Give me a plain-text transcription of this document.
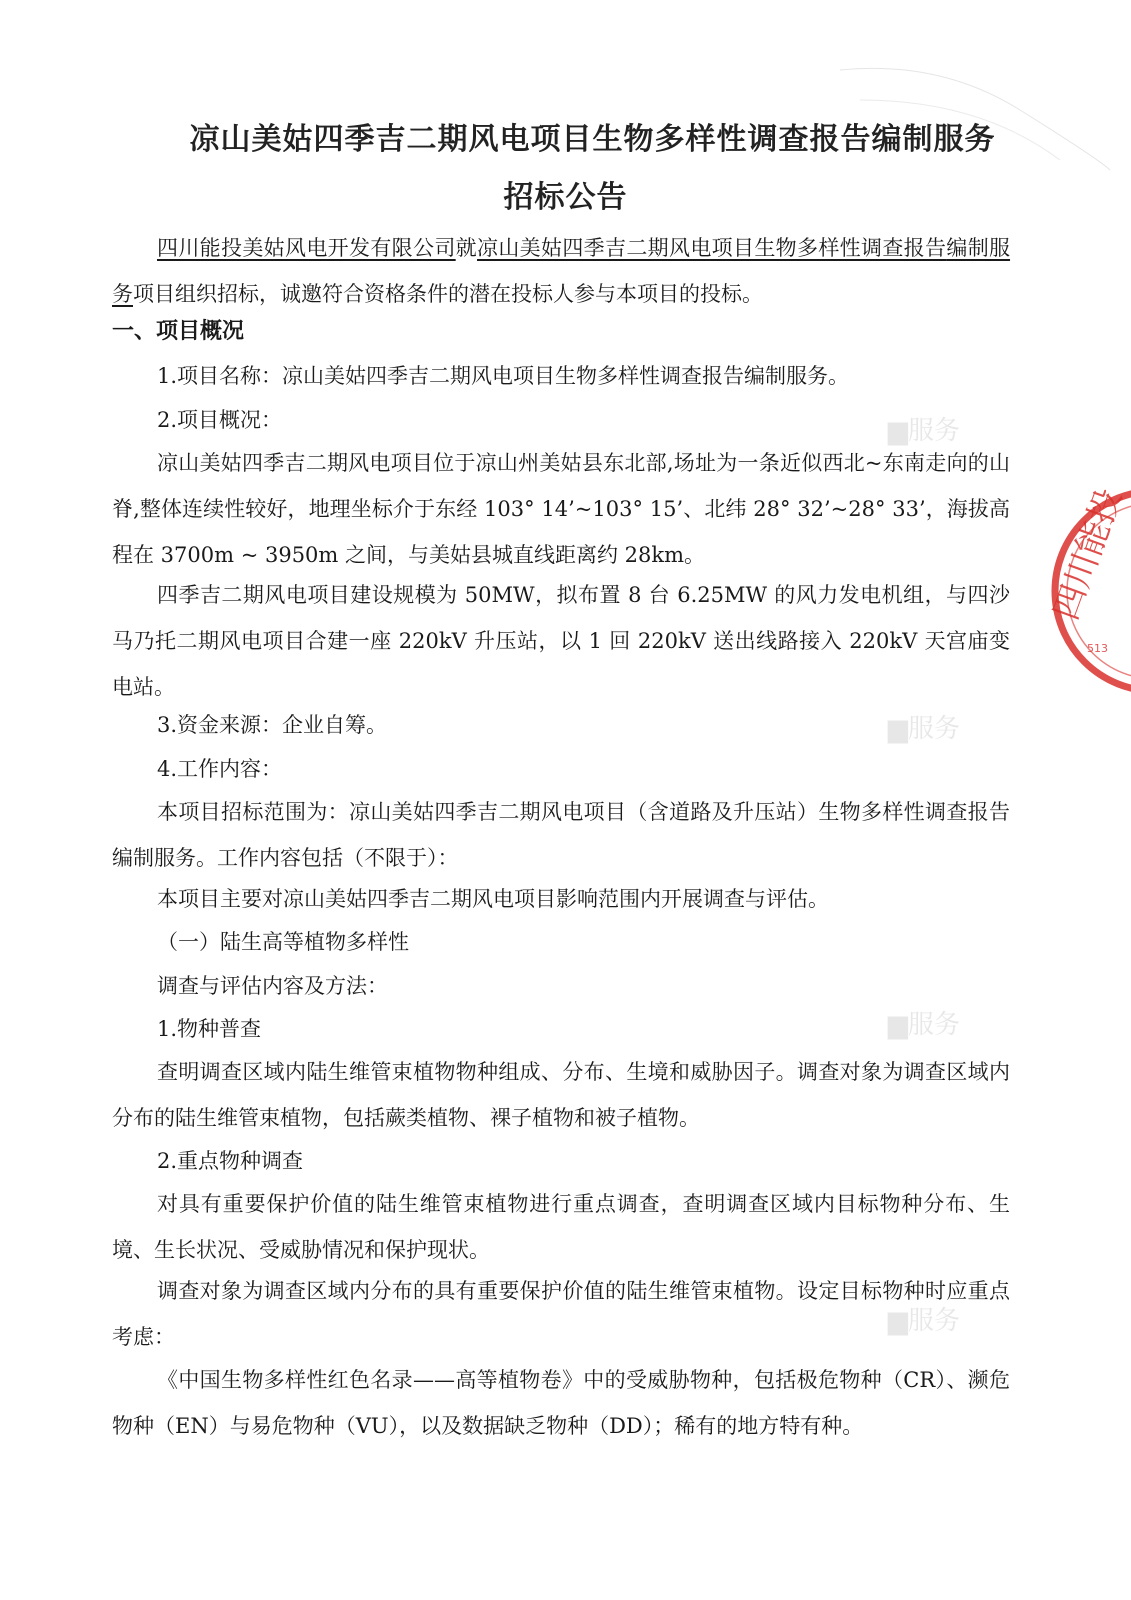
▆服务
▆服务
▆服务
▆服务
凉山美姑四季吉二期风电项目生物多样性调查报告编制服务
招标公告

四川能投美姑风电开发有限公司就凉山美姑四季吉二期风电项目生物多样性调查报告编制服务项目组织招标，诚邀符合资格条件的潜在投标人参与本项目的投标。

一、项目概况

1.项目名称：凉山美姑四季吉二期风电项目生物多样性调查报告编制服务。

2.项目概况：

凉山美姑四季吉二期风电项目位于凉山州美姑县东北部,场址为一条近似西北~东南走向的山脊,整体连续性较好，地理坐标介于东经 103° 14’~103° 15’、北纬 28° 32’~28° 33’，海拔高程在 3700m ~ 3950m 之间，与美姑县城直线距离约 28km。

四季吉二期风电项目建设规模为 50MW，拟布置 8 台 6.25MW 的风力发电机组，与四沙马乃托二期风电项目合建一座 220kV 升压站，以 1 回 220kV 送出线路接入 220kV 天宫庙变电站。

3.资金来源：企业自筹。

4.工作内容：

本项目招标范围为：凉山美姑四季吉二期风电项目（含道路及升压站）生物多样性调查报告编制服务。工作内容包括（不限于）：

本项目主要对凉山美姑四季吉二期风电项目影响范围内开展调查与评估。

（一）陆生高等植物多样性

调查与评估内容及方法：

1.物种普查

查明调查区域内陆生维管束植物物种组成、分布、生境和威胁因子。调查对象为调查区域内分布的陆生维管束植物，包括蕨类植物、裸子植物和被子植物。

2.重点物种调查

对具有重要保护价值的陆生维管束植物进行重点调查，查明调查区域内目标物种分布、生境、生长状况、受威胁情况和保护现状。

调查对象为调查区域内分布的具有重要保护价值的陆生维管束植物。设定目标物种时应重点考虑：

《中国生物多样性红色名录——高等植物卷》中的受威胁物种，包括极危物种（CR）、濒危物种（EN）与易危物种（VU），以及数据缺乏物种（DD）；稀有的地方特有种。

四川能投
513
